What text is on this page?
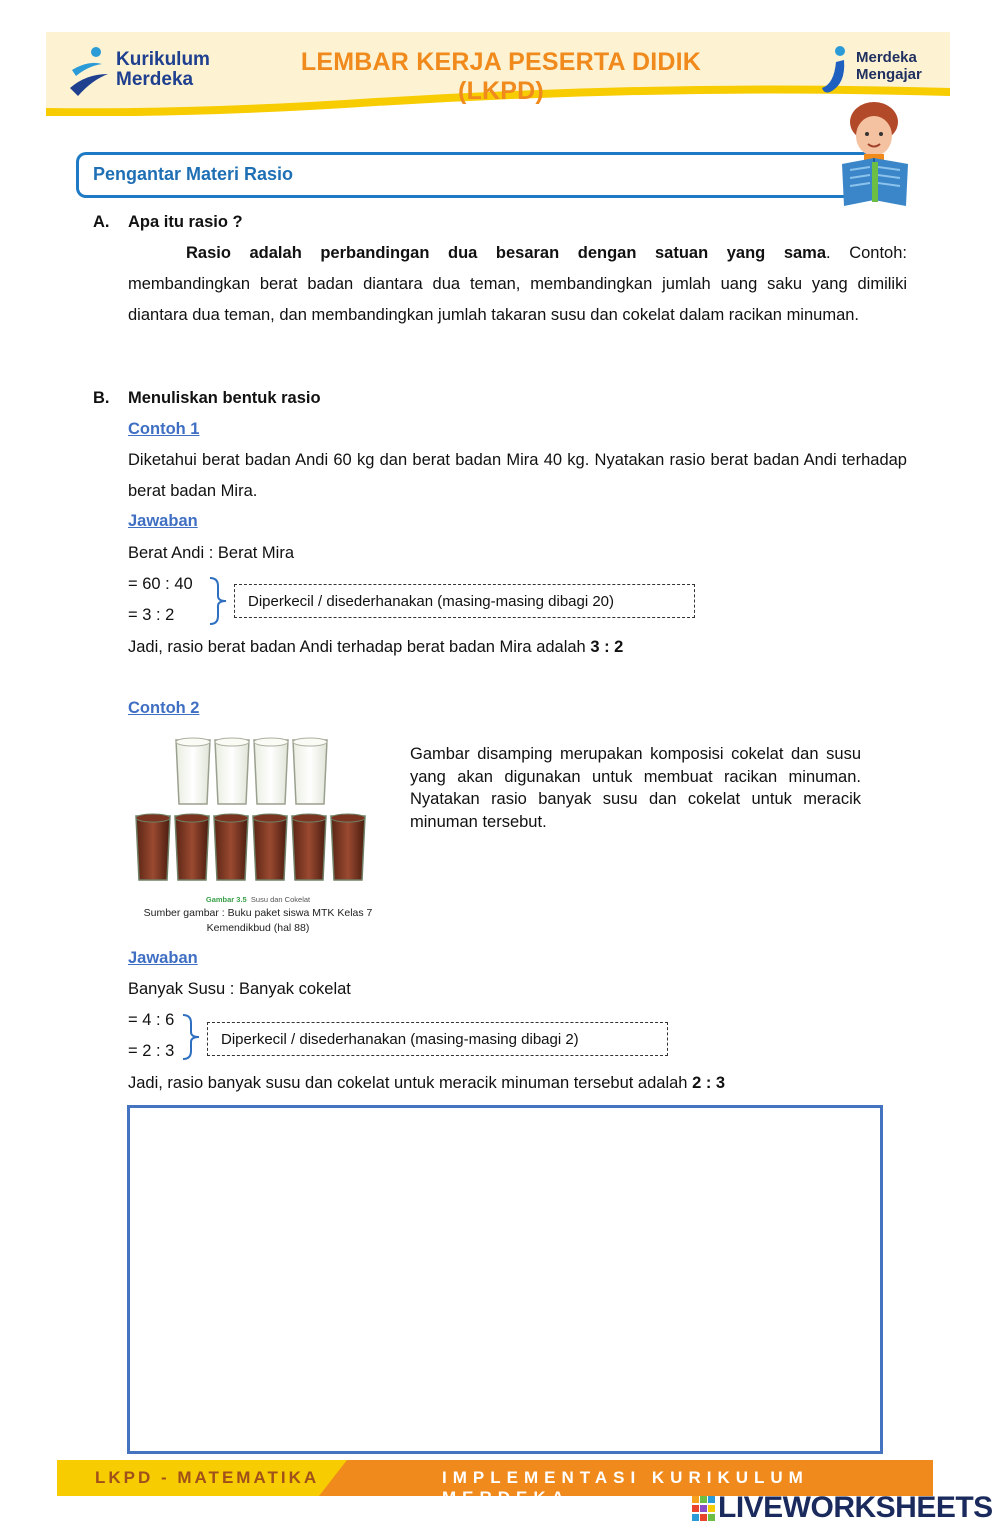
Kurikulum
Merdeka
LEMBAR KERJA PESERTA DIDIK (LKPD)
Merdeka
Mengajar
Pengantar Materi Rasio
A. Apa itu rasio ?
Rasio adalah perbandingan dua besaran dengan satuan yang sama. Contoh: membandingkan berat badan diantara dua teman, membandingkan jumlah uang saku yang dimiliki diantara dua teman, dan membandingkan jumlah takaran susu dan cokelat dalam racikan minuman.
B. Menuliskan bentuk rasio
Contoh 1
Diketahui berat badan Andi 60 kg dan berat badan Mira 40 kg. Nyatakan rasio berat badan Andi terhadap berat badan Mira.
Jawaban
Berat Andi : Berat Mira
= 60 : 40
= 3 : 2
Diperkecil / disederhanakan (masing-masing dibagi 20)
Jadi, rasio berat badan Andi terhadap berat badan Mira adalah 3 : 2
Contoh 2
Gambar 3.5 Susu dan Cokelat
Sumber gambar : Buku paket siswa MTK Kelas 7
Kemendikbud (hal 88)
Gambar disamping merupakan komposisi cokelat dan susu yang akan digunakan untuk membuat racikan minuman. Nyatakan rasio banyak susu dan cokelat untuk meracik minuman tersebut.
Jawaban
Banyak Susu : Banyak cokelat
= 4 : 6
= 2 : 3
Diperkecil / disederhanakan (masing-masing dibagi 2)
Jadi, rasio banyak susu dan cokelat untuk meracik minuman tersebut adalah 2 : 3
LKPD - MATEMATIKA	IMPLEMENTASI KURIKULUM MERDEKA	LIVEWORKSHEETS
